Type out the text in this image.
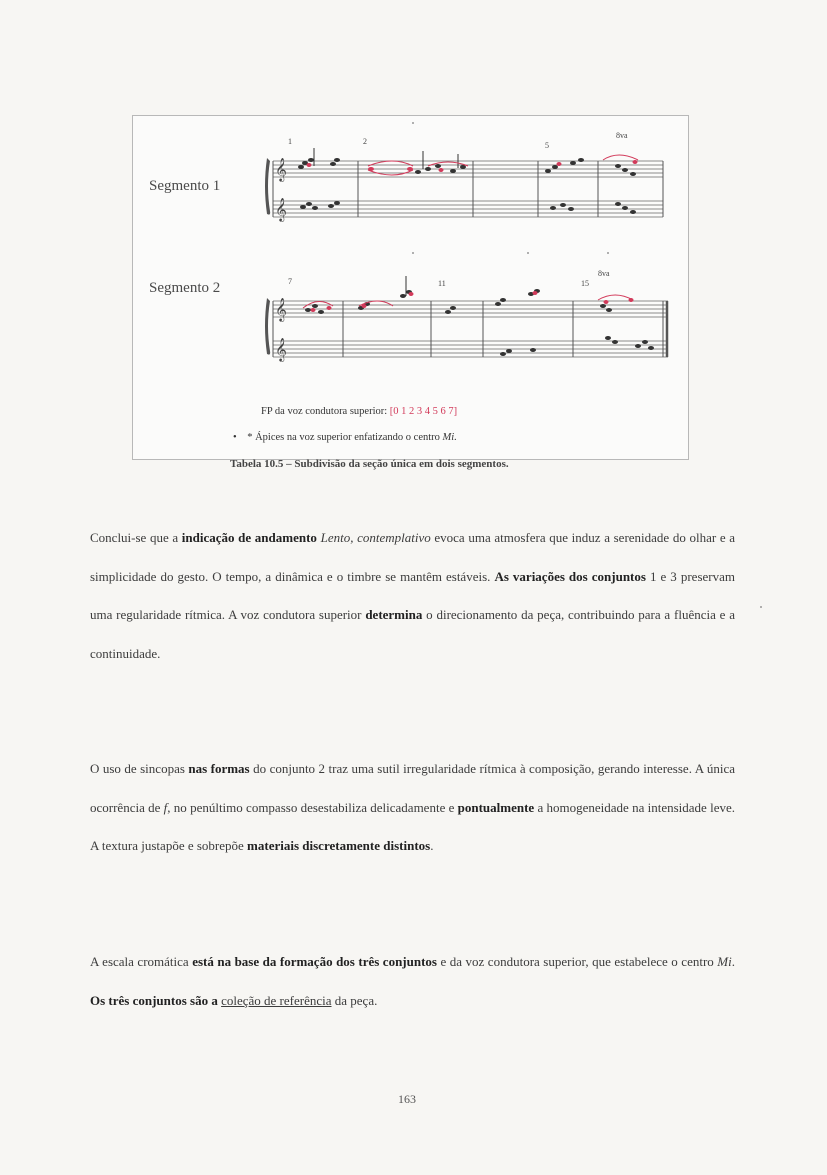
Segmento 1
Segmento 2
1	2	5
8va
𝄞
𝄞
7	11	15
8va
𝄞
𝄞
FP da voz condutora superior: [0 1 2 3 4 5 6 7]
•    * Ápices na voz superior enfatizando o centro Mi.
Tabela 10.5 – Subdivisão da seção única em dois segmentos.
Conclui-se que a indicação de andamento Lento, contemplativo evoca uma atmosfera que induz a serenidade do olhar e a simplicidade do gesto. O tempo, a dinâmica e o timbre se mantêm estáveis. As variações dos conjuntos 1 e 3 preservam uma regularidade rítmica. A voz condutora superior determina o direcionamento da peça, contribuindo para a fluência e a continuidade.
O uso de sincopas nas formas do conjunto 2 traz uma sutil irregularidade rítmica à composição, gerando interesse. A única ocorrência de f, no penúltimo compasso desestabiliza delicadamente e pontualmente a homogeneidade na intensidade leve. A textura justapõe e sobrepõe materiais discretamente distintos.
A escala cromática está na base da formação dos três conjuntos e da voz condutora superior, que estabelece o centro Mi. Os três conjuntos são a coleção de referência da peça.
163
